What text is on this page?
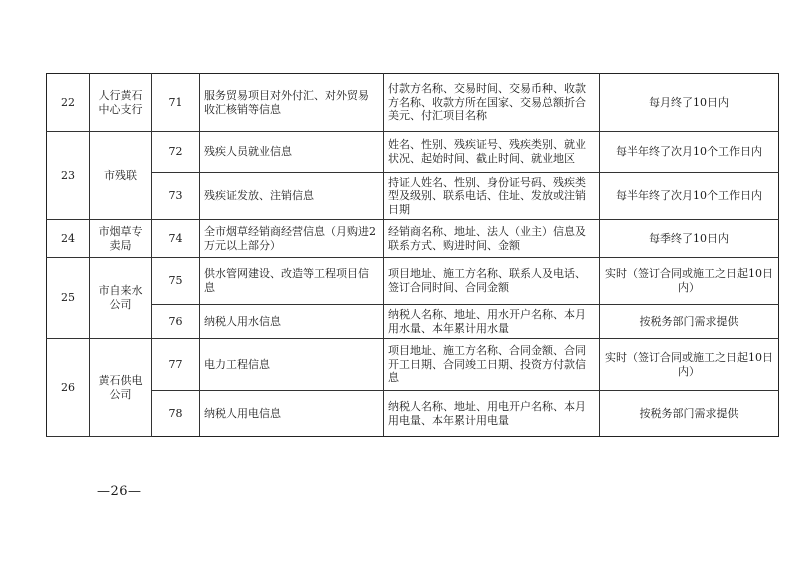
22	人行黄石中心支行	71	服务贸易项目对外付汇、对外贸易收汇核销等信息	付款方名称、交易时间、交易币种、收款方名称、收款方所在国家、交易总额折合美元、付汇项目名称	每月终了10日内
23	市残联	72	残疾人员就业信息	姓名、性别、残疾证号、残疾类别、就业状况、起始时间、截止时间、就业地区	每半年终了次月10个工作日内
		73	残疾证发放、注销信息	持证人姓名、性别、身份证号码、残疾类型及级别、联系电话、住址、发放或注销日期	每半年终了次月10个工作日内
24	市烟草专卖局	74	全市烟草经销商经营信息（月购进2万元以上部分）	经销商名称、地址、法人（业主）信息及联系方式、购进时间、金额	每季终了10日内
25	市自来水公司	75	供水管网建设、改造等工程项目信息	项目地址、施工方名称、联系人及电话、签订合同时间、合同金额	实时（签订合同或施工之日起10日内）
		76	纳税人用水信息	纳税人名称、地址、用水开户名称、本月用水量、本年累计用水量	按税务部门需求提供
26	黄石供电公司	77	电力工程信息	项目地址、施工方名称、合同金额、合同开工日期、合同竣工日期、投资方付款信息	实时（签订合同或施工之日起10日内）
		78	纳税人用电信息	纳税人名称、地址、用电开户名称、本月用电量、本年累计用电量	按税务部门需求提供
—26—
